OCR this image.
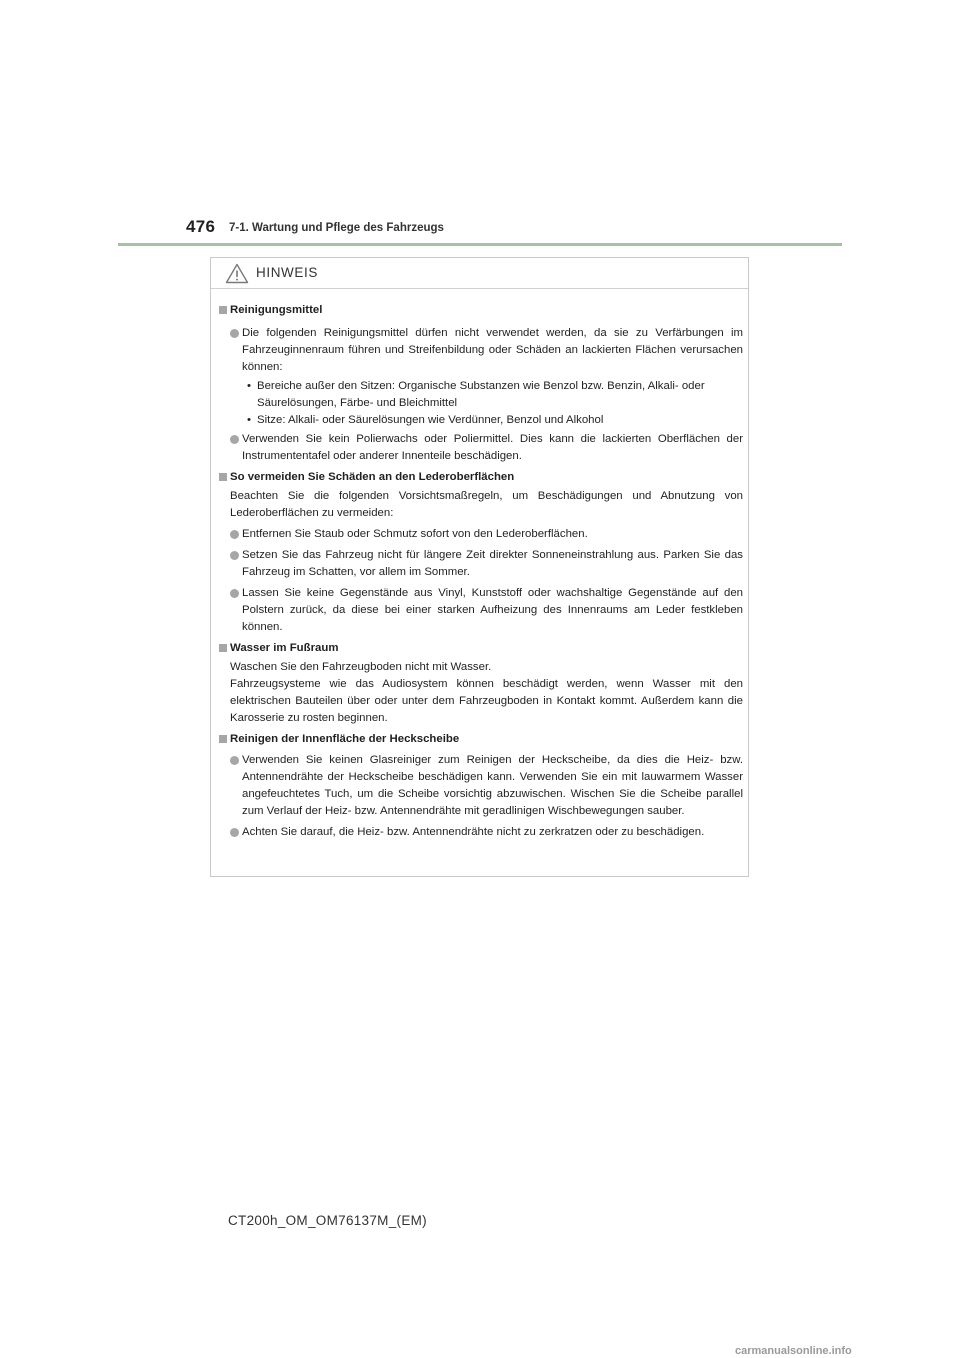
476 7-1. Wartung und Pflege des Fahrzeugs
HINWEIS
Reinigungsmittel
Die folgenden Reinigungsmittel dürfen nicht verwendet werden, da sie zu Verfärbungen im Fahrzeuginnenraum führen und Streifenbildung oder Schäden an lackierten Flächen verursachen können:
• Bereiche außer den Sitzen: Organische Substanzen wie Benzol bzw. Benzin, Alkali- oder Säurelösungen, Färbe- und Bleichmittel
• Sitze: Alkali- oder Säurelösungen wie Verdünner, Benzol und Alkohol
Verwenden Sie kein Polierwachs oder Poliermittel. Dies kann die lackierten Oberflächen der Instrumententafel oder anderer Innenteile beschädigen.
So vermeiden Sie Schäden an den Lederoberflächen
Beachten Sie die folgenden Vorsichtsmaßregeln, um Beschädigungen und Abnutzung von Lederoberflächen zu vermeiden:
Entfernen Sie Staub oder Schmutz sofort von den Lederoberflächen.
Setzen Sie das Fahrzeug nicht für längere Zeit direkter Sonneneinstrahlung aus. Parken Sie das Fahrzeug im Schatten, vor allem im Sommer.
Lassen Sie keine Gegenstände aus Vinyl, Kunststoff oder wachshaltige Gegenstände auf den Polstern zurück, da diese bei einer starken Aufheizung des Innenraums am Leder festkleben können.
Wasser im Fußraum
Waschen Sie den Fahrzeugboden nicht mit Wasser.
Fahrzeugsysteme wie das Audiosystem können beschädigt werden, wenn Wasser mit den elektrischen Bauteilen über oder unter dem Fahrzeugboden in Kontakt kommt. Außerdem kann die Karosserie zu rosten beginnen.
Reinigen der Innenfläche der Heckscheibe
Verwenden Sie keinen Glasreiniger zum Reinigen der Heckscheibe, da dies die Heiz- bzw. Antennendrähte der Heckscheibe beschädigen kann. Verwenden Sie ein mit lauwarmem Wasser angefeuchtetes Tuch, um die Scheibe vorsichtig abzuwischen. Wischen Sie die Scheibe parallel zum Verlauf der Heiz- bzw. Antennendrähte mit geradlinigen Wischbewegungen sauber.
Achten Sie darauf, die Heiz- bzw. Antennendrähte nicht zu zerkratzen oder zu beschädigen.
CT200h_OM_OM76137M_(EM)
carmanualsonline.info
